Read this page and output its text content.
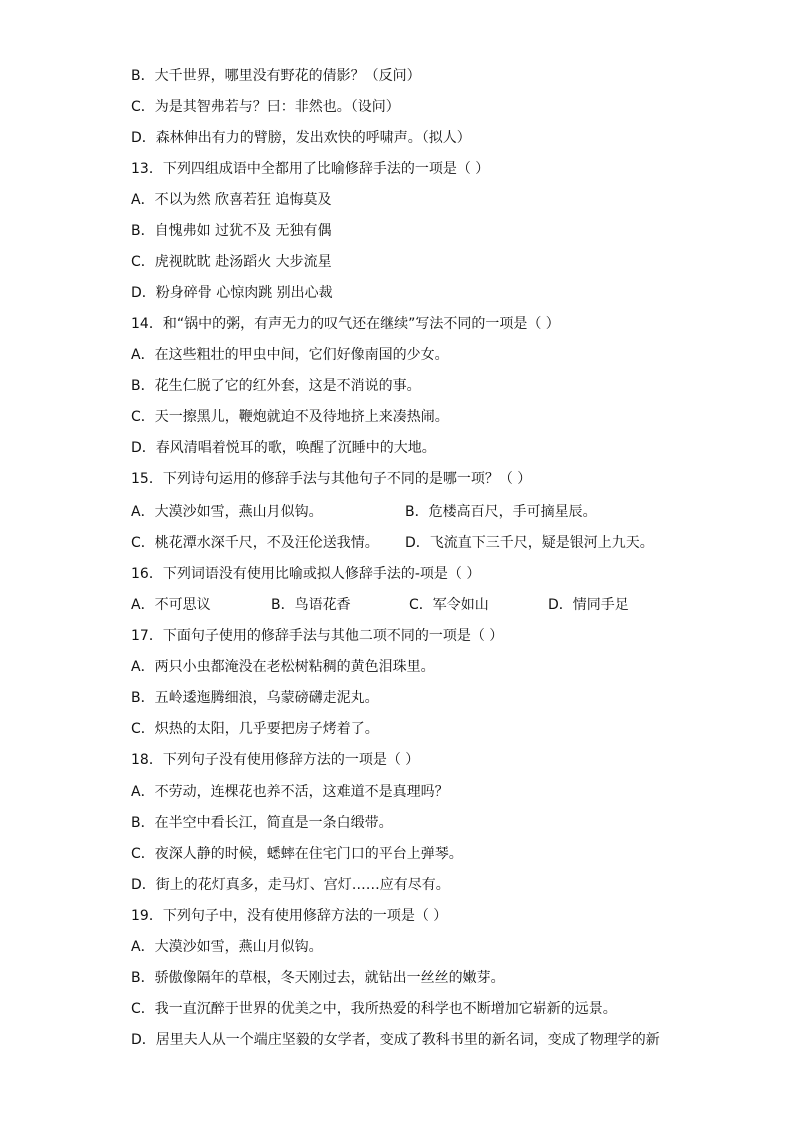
B．大千世界，哪里没有野花的倩影？（反问）
C．为是其智弗若与？曰：非然也。（设问）
D．森林伸出有力的臂膀，发出欢快的呼啸声。（拟人）
13．下列四组成语中全都用了比喻修辞手法的一项是（ ）
A．不以为然 欣喜若狂 追悔莫及
B．自愧弗如 过犹不及 无独有偶
C．虎视眈眈 赴汤蹈火 大步流星
D．粉身碎骨 心惊肉跳 别出心裁
14．和“锅中的粥，有声无力的叹气还在继续”写法不同的一项是（ ）
A．在这些粗壮的甲虫中间，它们好像南国的少女。
B．花生仁脱了它的红外套，这是不消说的事。
C．天一擦黑儿，鞭炮就迫不及待地挤上来凑热闹。
D．春风清唱着悦耳的歌，唤醒了沉睡中的大地。
15．下列诗句运用的修辞手法与其他句子不同的是哪一项？（ ）
A．大漠沙如雪，燕山月似钩。	B．危楼高百尺，手可摘星辰。
C．桃花潭水深千尺，不及汪伦送我情。 D．飞流直下三千尺，疑是银河上九天。
16．下列词语没有使用比喻或拟人修辞手法的-项是（ ）
A．不可思议	B．鸟语花香	C．军令如山	D．情同手足
17．下面句子使用的修辞手法与其他二项不同的一项是（ ）
A．两只小虫都淹没在老松树粘稠的黄色泪珠里。
B．五岭逶迤腾细浪，乌蒙磅礴走泥丸。
C．炽热的太阳，几乎要把房子烤着了。
18．下列句子没有使用修辞方法的一项是（ ）
A．不劳动，连棵花也养不活，这难道不是真理吗？
B．在半空中看长江，简直是一条白缎带。
C．夜深人静的时候，蟋蟀在住宅门口的平台上弹琴。
D．街上的花灯真多，走马灯、宫灯……应有尽有。
19．下列句子中，没有使用修辞方法的一项是（ ）
A．大漠沙如雪，燕山月似钩。
B．骄傲像隔年的草根，冬天刚过去，就钻出一丝丝的嫩芽。
C．我一直沉醉于世界的优美之中，我所热爱的科学也不断增加它崭新的远景。
D．居里夫人从一个端庄坚毅的女学者，变成了教科书里的新名词，变成了物理学的新
